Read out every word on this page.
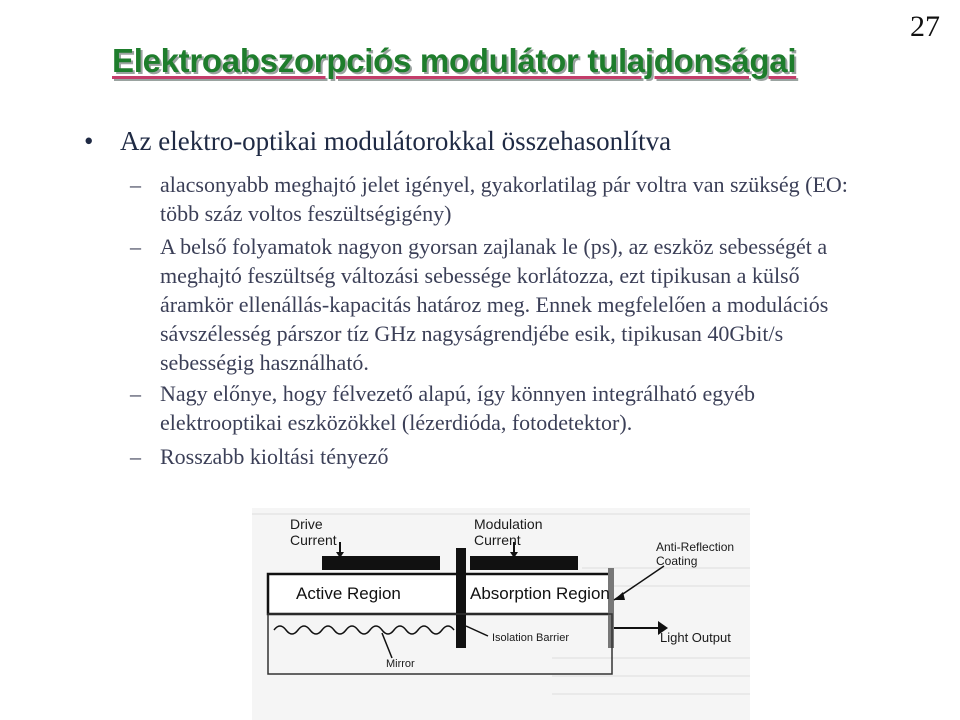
27
Elektroabszorpciós modulátor tulajdonságai
• Az elektro-optikai modulátorokkal összehasonlítva
– alacsonyabb meghajtó jelet igényel, gyakorlatilag pár voltra van szükség (EO: több száz voltos feszültségigény)
– A belső folyamatok nagyon gyorsan zajlanak le (ps), az eszköz sebességét a meghajtó feszültség változási sebessége korlátozza, ezt tipikusan a külső áramkör ellenállás-kapacitás határoz meg. Ennek megfelelően a modulációs sávszélesség párszor tíz GHz nagyságrendjébe esik, tipikusan 40Gbit/s sebességig használható.
– Nagy előnye, hogy félvezető alapú, így könnyen integrálható egyéb elektrooptikai eszközökkel (lézerdióda, fotodetektor).
– Rosszabb kioltási tényező
Drive
Current
Modulation
Current	Anti-Reflection
Coating
Active Region	Absorption Region
Isolation Barrier	Light Output
Mirror
